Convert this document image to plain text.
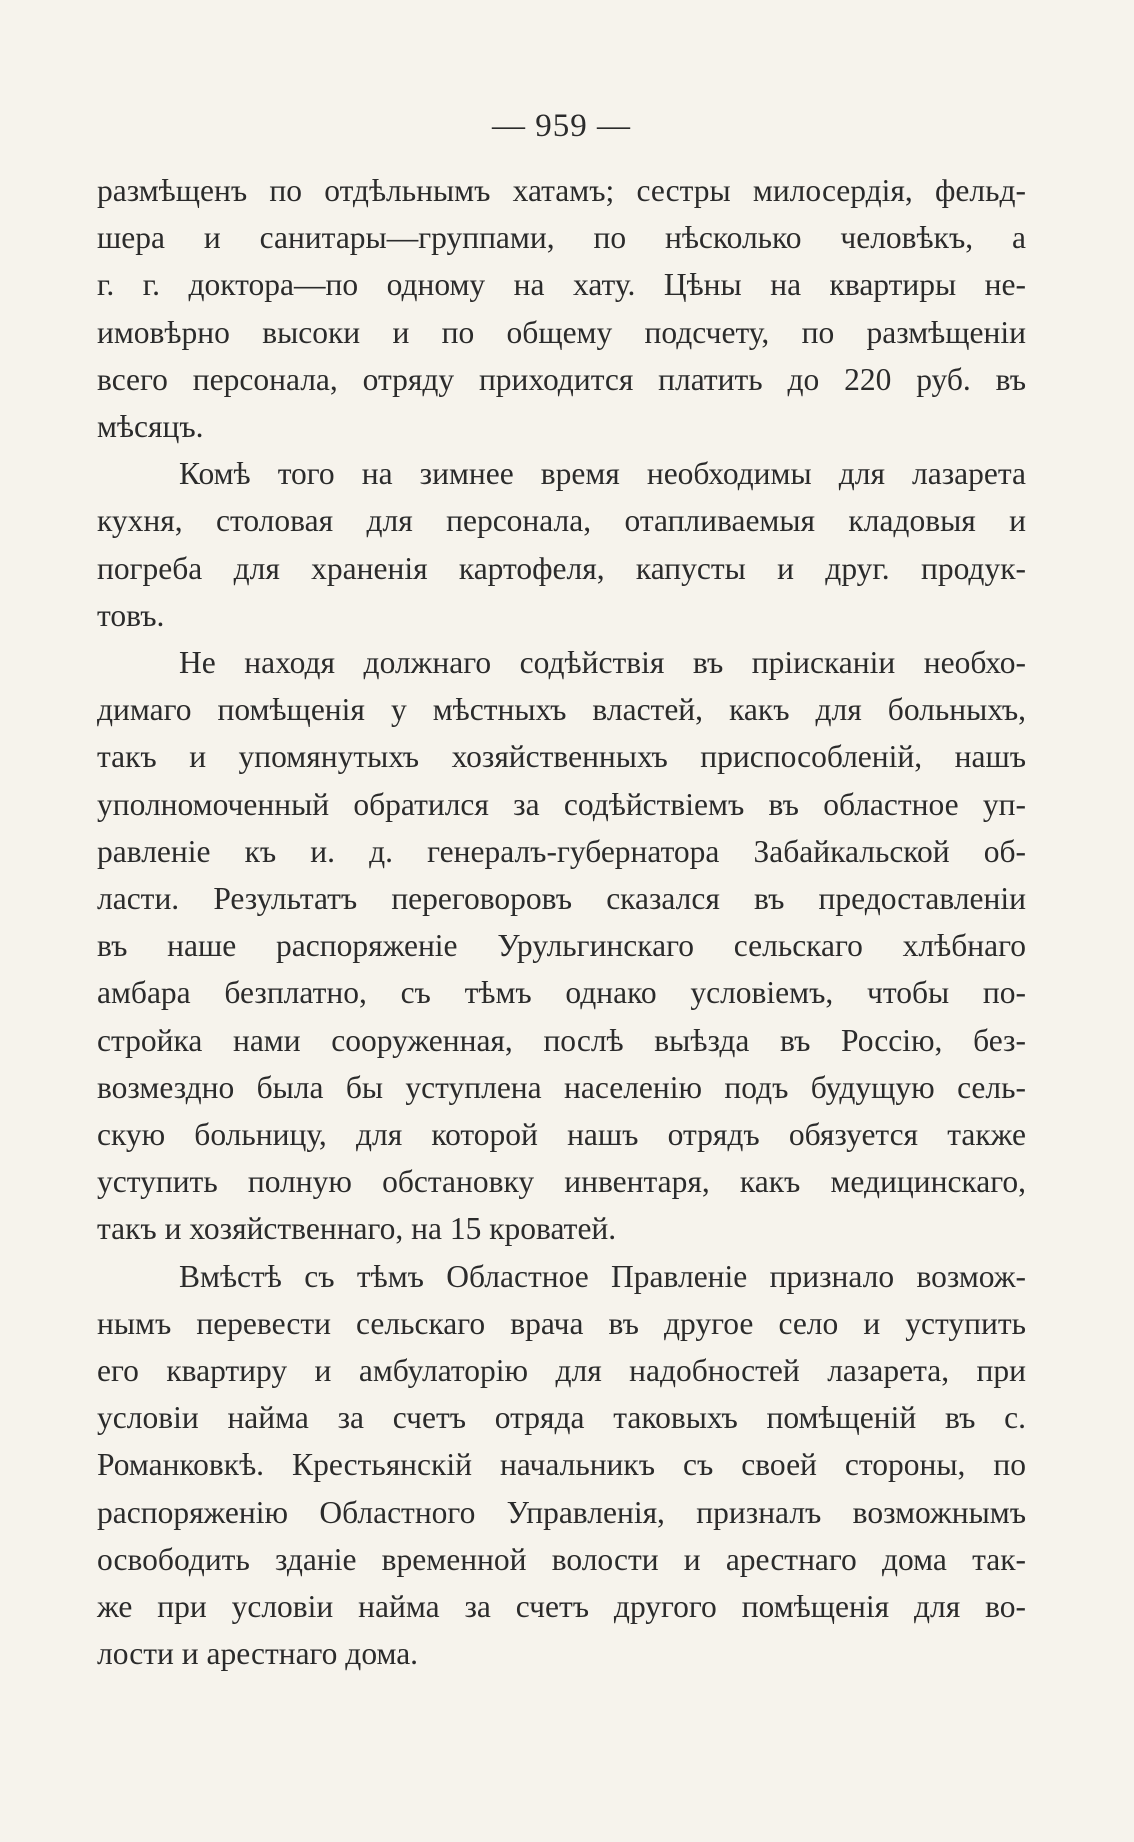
— 959 —

размѣщенъ по отдѣльнымъ хатамъ; сестры милосердія, фельд-
шера и санитары—группами, по нѣсколько человѣкъ, а
г. г. доктора—по одному на хату. Цѣны на квартиры не-
имовѣрно высоки и по общему подсчету, по размѣщеніи
всего персонала, отряду приходится платить до 220 руб. въ
мѣсяцъ.

Комѣ того на зимнее время необходимы для лазарета
кухня, столовая для персонала, отапливаемыя кладовыя и
погреба для храненія картофеля, капусты и друг. продук-
товъ.

Не находя должнаго содѣйствія въ пріисканіи необхо-
димаго помѣщенія у мѣстныхъ властей, какъ для больныхъ,
такъ и упомянутыхъ хозяйственныхъ приспособленій, нашъ
уполномоченный обратился за содѣйствіемъ въ областное уп-
равленіе къ и. д. генералъ-губернатора Забайкальской об-
ласти. Результатъ переговоровъ сказался въ предоставленіи
въ наше распоряженіе Урульгинскаго сельскаго хлѣбнаго
амбара безплатно, съ тѣмъ однако условіемъ, чтобы по-
стройка нами сооруженная, послѣ выѣзда въ Россію, без-
возмездно была бы уступлена населенію подъ будущую сель-
скую больницу, для которой нашъ отрядъ обязуется также
уступить полную обстановку инвентаря, какъ медицинскаго,
такъ и хозяйственнаго, на 15 кроватей.

Вмѣстѣ съ тѣмъ Областное Правленіе признало возмож-
нымъ перевести сельскаго врача въ другое село и уступить
его квартиру и амбулаторію для надобностей лазарета, при
условіи найма за счетъ отряда таковыхъ помѣщеній въ с.
Романковкѣ. Крестьянскій начальникъ съ своей стороны, по
распоряженію Областного Управленія, призналъ возможнымъ
освободить зданіе временной волости и арестнаго дома так-
же при условіи найма за счетъ другого помѣщенія для во-
лости и арестнаго дома.
